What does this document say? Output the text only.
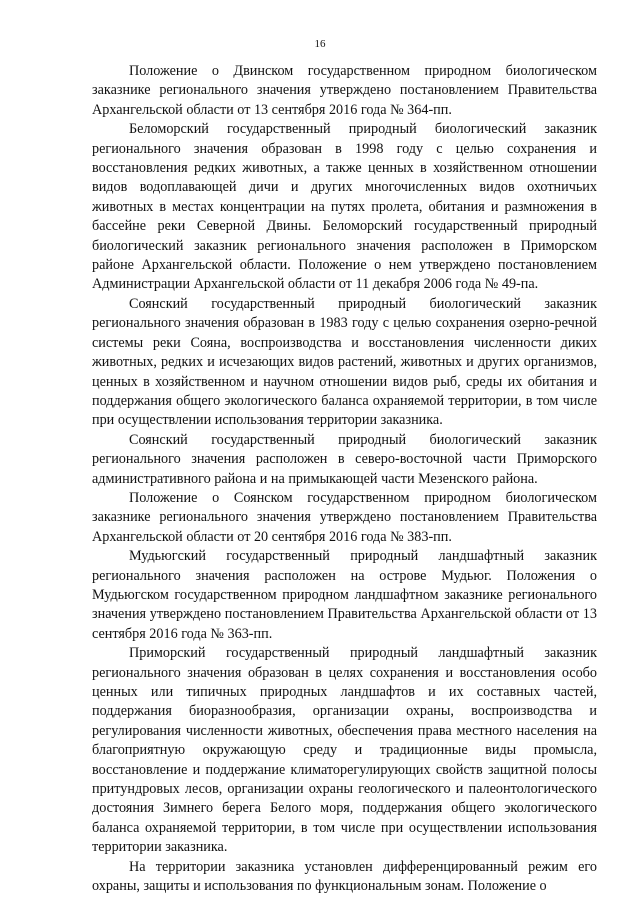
16

Положение о Двинском государственном природном биологическом заказнике регионального значения утверждено постановлением Правительства Архангельской области от 13 сентября 2016 года № 364-пп.

Беломорский государственный природный биологический заказник регионального значения образован в 1998 году с целью сохранения и восстановления редких животных, а также ценных в хозяйственном отношении видов водоплавающей дичи и других многочисленных видов охотничьих животных в местах концентрации на путях пролета, обитания и размножения в бассейне реки Северной Двины. Беломорский государственный природный биологический заказник регионального значения расположен в Приморском районе Архангельской области. Положение о нем утверждено постановлением Администрации Архангельской области от 11 декабря 2006 года № 49-па.

Соянский государственный природный биологический заказник регионального значения образован в 1983 году с целью сохранения озерно-речной системы реки Сояна, воспроизводства и восстановления численности диких животных, редких и исчезающих видов растений, животных и других организмов, ценных в хозяйственном и научном отношении видов рыб, среды их обитания и поддержания общего экологического баланса охраняемой территории, в том числе при осуществлении использования территории заказника.

Соянский государственный природный биологический заказник регионального значения расположен в северо-восточной части Приморского административного района и на примыкающей части Мезенского района.

Положение о Соянском государственном природном биологическом заказнике регионального значения утверждено постановлением Правительства Архангельской области от 20 сентября 2016 года № 383-пп.

Мудьюгский государственный природный ландшафтный заказник регионального значения расположен на острове Мудьюг. Положения о Мудьюгском государственном природном ландшафтном заказнике регионального значения утверждено постановлением Правительства Архангельской области от 13 сентября 2016 года № 363-пп.

Приморский государственный природный ландшафтный заказник регионального значения образован в целях сохранения и восстановления особо ценных или типичных природных ландшафтов и их составных частей, поддержания биоразнообразия, организации охраны, воспроизводства и регулирования численности животных, обеспечения права местного населения на благоприятную окружающую среду и традиционные виды промысла, восстановление и поддержание климаторегулирующих свойств защитной полосы притундровых лесов, организации охраны геологического и палеонтологического достояния Зимнего берега Белого моря, поддержания общего экологического баланса охраняемой территории, в том числе при осуществлении использования территории заказника.

На территории заказника установлен дифференцированный режим его охраны, защиты и использования по функциональным зонам. Положение о
